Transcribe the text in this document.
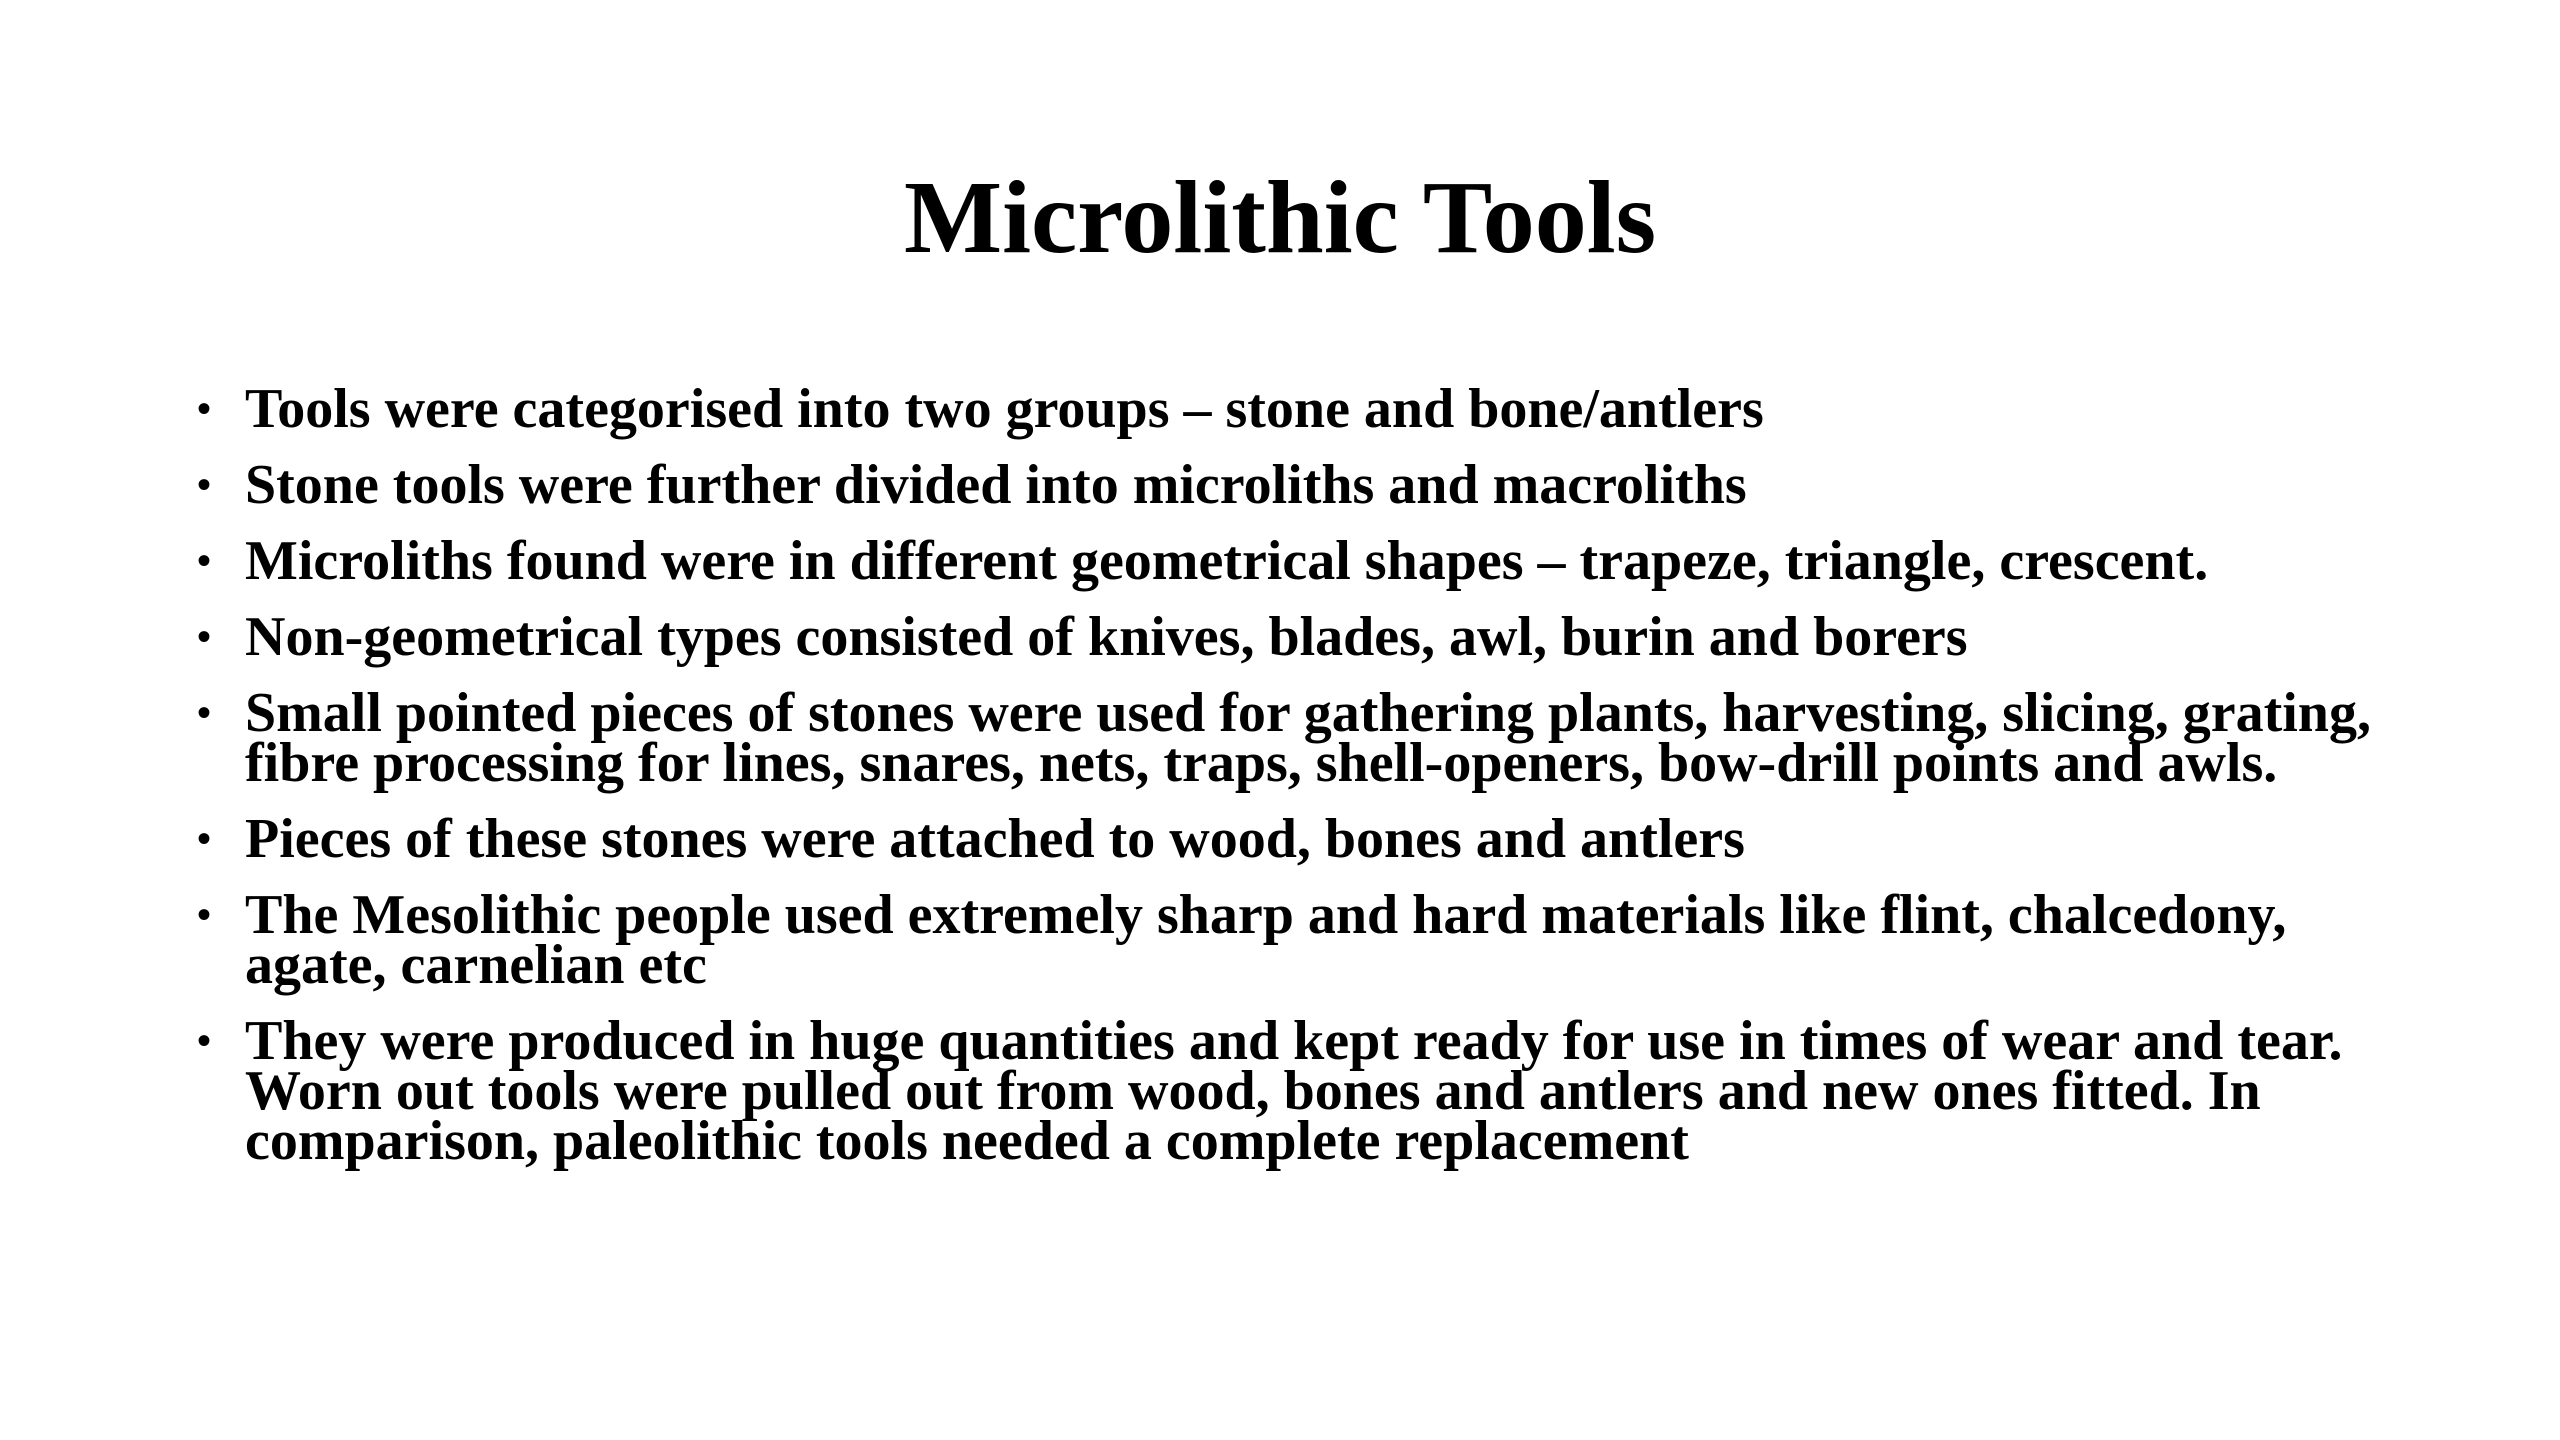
Microlithic Tools
• Tools were categorised into two groups – stone and bone/antlers
• Stone tools were further divided into microliths and macroliths
• Microliths found were in different geometrical shapes – trapeze, triangle, crescent.
• Non-geometrical types consisted of knives, blades, awl, burin and borers
• Small pointed pieces of stones were used for gathering plants, harvesting, slicing, grating, fibre processing for lines, snares, nets, traps, shell-openers, bow-drill points and awls.
• Pieces of these stones were attached to wood, bones and antlers
• The Mesolithic people used extremely sharp and hard materials like flint, chalcedony, agate, carnelian etc
• They were produced in huge quantities and kept ready for use in times of wear and tear. Worn out tools were pulled out from wood, bones and antlers and new ones fitted. In comparison, paleolithic tools needed a complete replacement
